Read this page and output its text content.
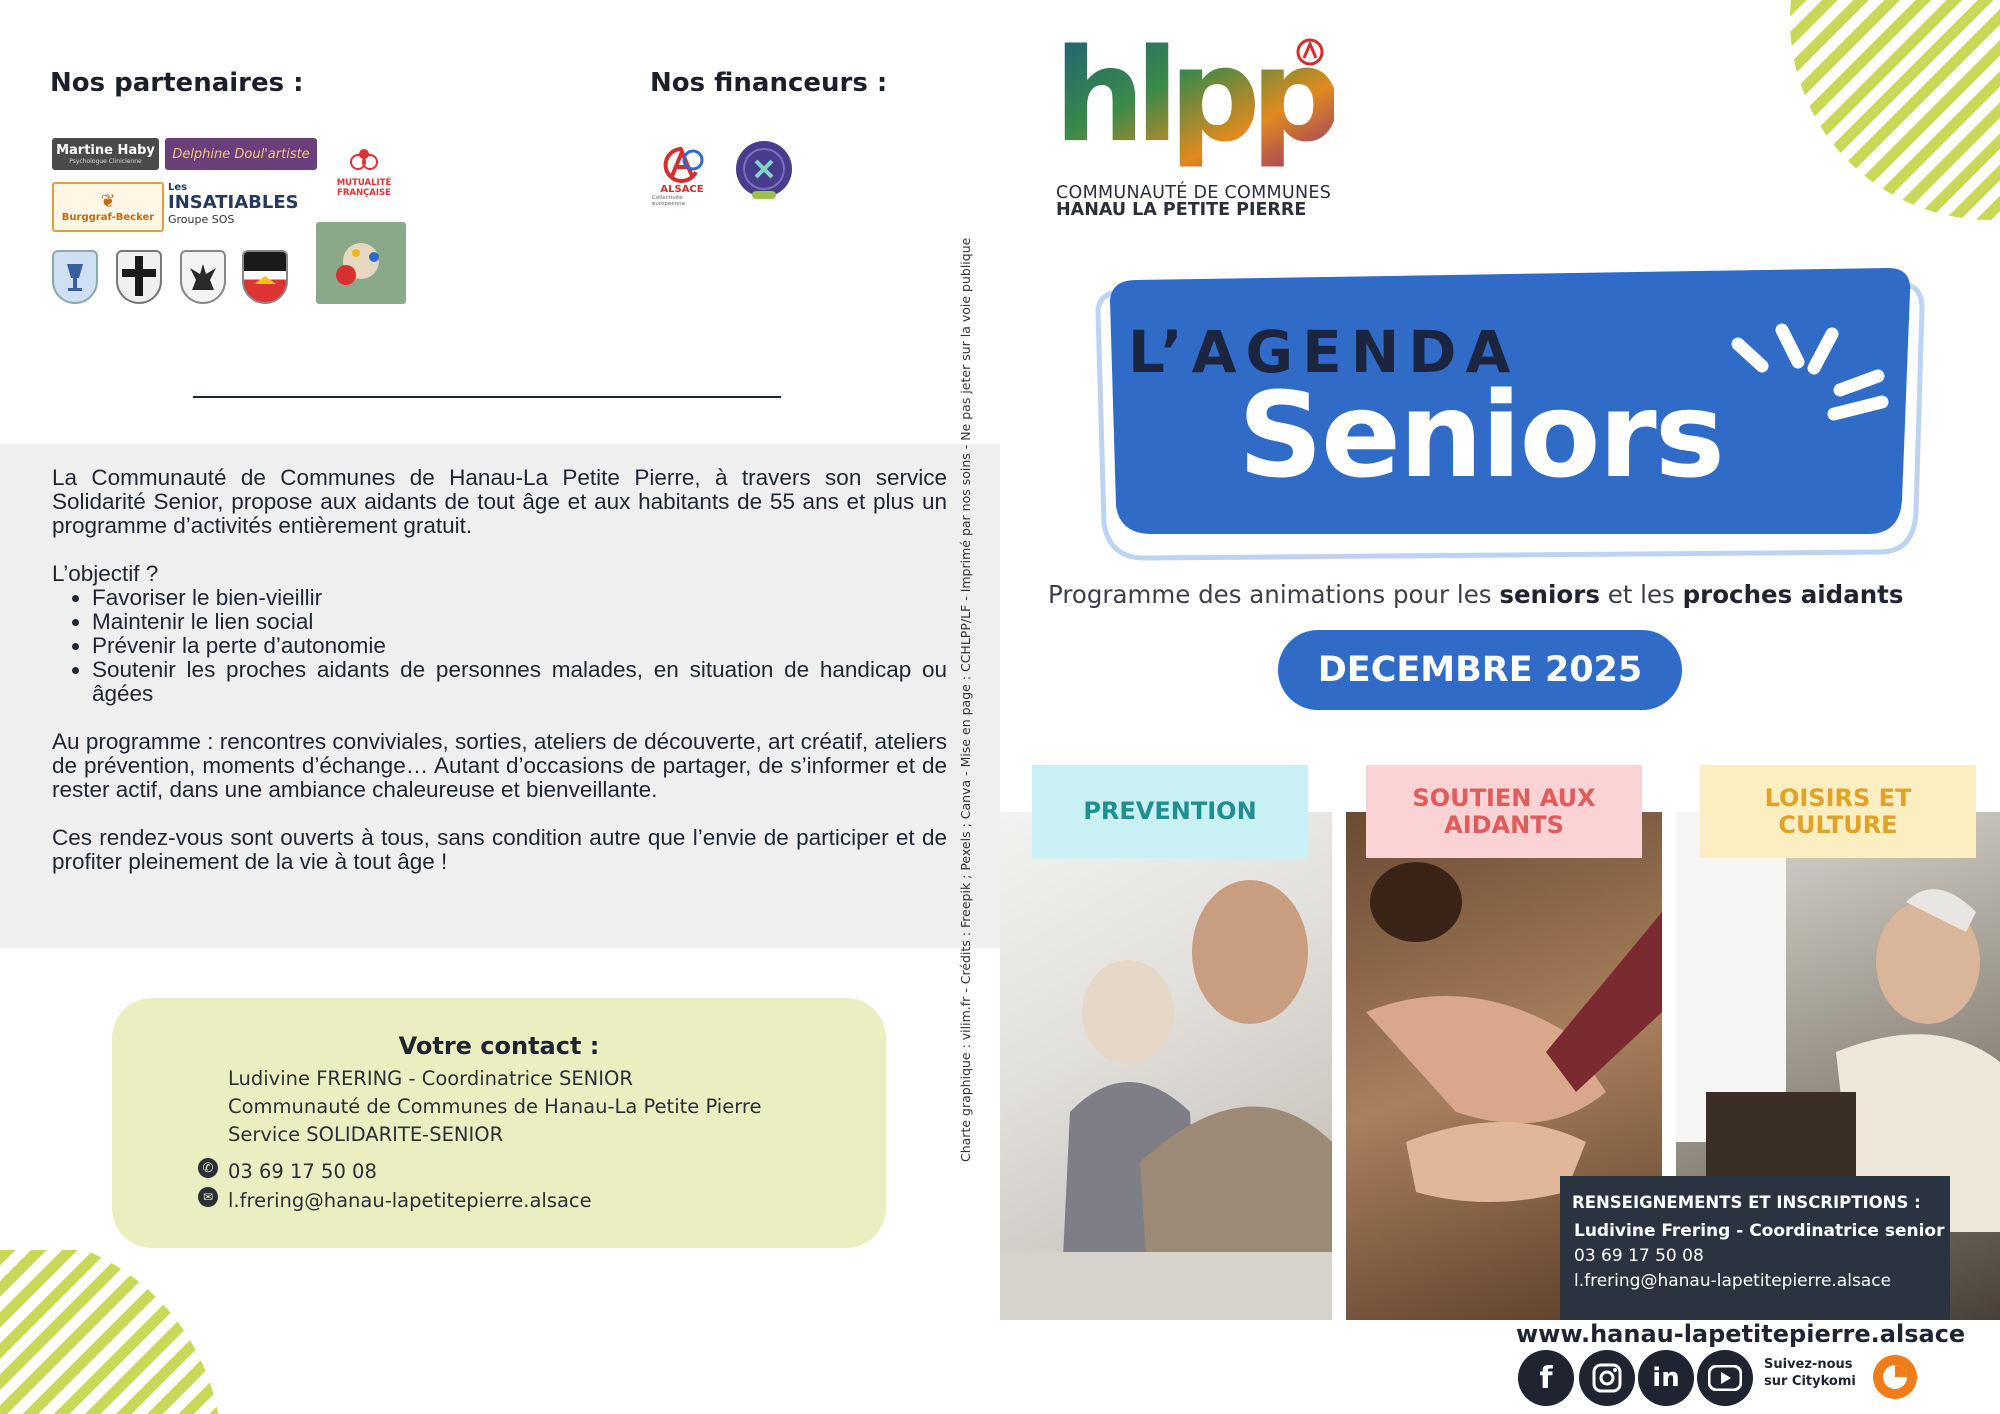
Nos partenaires :	Nos financeurs :
Martine Haby
Psychologue Clinicienne Delphine Doul'artiste
MUTUALITÉ FRANÇAISE
❦
Burggraf-Becker
Les
INSATIABLES
Groupe SOS
ALSACE
Collectivité européenne

La Communauté de Communes de Hanau-La Petite Pierre, à travers son service Solidarité Senior, propose aux aidants de tout âge et aux habitants de 55 ans et plus un programme d’activités entièrement gratuit.

L’objectif ?

• Favoriser le bien-vieillir
• Maintenir le lien social
• Prévenir la perte d’autonomie
• Soutenir les proches aidants de personnes malades, en situation de handicap ou âgées

Au programme : rencontres conviviales, sorties, ateliers de découverte, art créatif, ateliers de prévention, moments d’échange… Autant d’occasions de partager, de s’informer et de rester actif, dans une ambiance chaleureuse et bienveillante.

Ces rendez-vous sont ouverts à tous, sans condition autre que l’envie de participer et de profiter pleinement de la vie à tout âge !

Votre contact :
Ludivine FRERING - Coordinatrice SENIOR
Communauté de Communes de Hanau-La Petite Pierre
Service SOLIDARITE-SENIOR
✆ 03 69 17 50 08
✉ l.frering@hanau-lapetitepierre.alsace
Charte graphique : vilim.fr - Crédits : Freepik ; Pexels ; Canva - Mise en page : CCHLPP/LF - Imprimé par nos soins - Ne pas jeter sur la voie publique
hlpp
COMMUNAUTÉ DE COMMUNES
HANAU LA PETITE PIERRE
L’AGENDA
Seniors
Programme des animations pour les seniors et les proches aidants
DECEMBRE 2025
PREVENTION	SOUTIEN AUX AIDANTS
LOISIRS ET CULTURE
RENSEIGNEMENTS ET INSCRIPTIONS :
Ludivine Frering - Coordinatrice senior
03 69 17 50 08
l.frering@hanau-lapetitepierre.alsace
www.hanau-lapetitepierre.alsace
f	in	Suivez-nous sur Citykomi
